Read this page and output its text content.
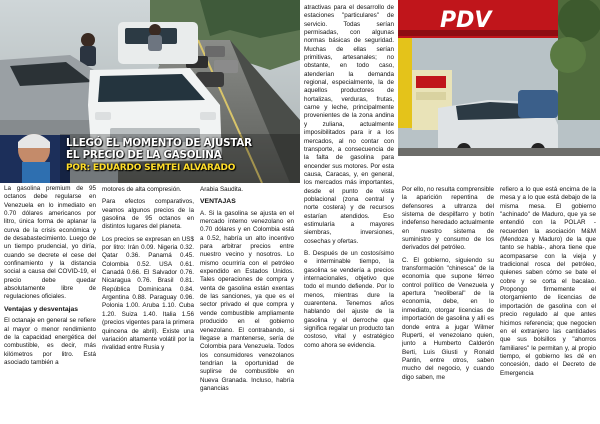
LLEGÓ EL MOMENTO DE AJUSTAR
EL PRECIO DE LA GASOLINA
POR: EDUARDO SEMTEI ALVARADO
PDV

La gasolina premium de 95 octanos debe regularse en Venezuela en lo inmediato en 0.70 dólares americanos por litro, única forma de aplanar la curva de la crisis económica y de desabastecimiento. Luego de un tiempo prudencial, yo diría, cuando se decrete el cese del confinamiento y la distancia social a causa del COVID-19, el precio debe quedar absolutamente libre de regulaciones oficiales.

Ventajas y desventajas

El octanaje en general se refiere al mayor o menor rendimiento de la capacidad energética del combustible, es decir, más kilómetros por litro. Está asociado también a

motores de alta compresión.

Para efectos comparativos, veamos algunos precios de la gasolina de 95 octanos en distintos lugares del planeta.

Los precios se expresan en US$ por litro: Irán 0.09. Nigeria 0.32. Qatar 0.36. Panamá 0.45. Colombia 0.52. USA 0.61. Canadá 0.66. El Salvador 0.76. Nicaragua 0.76. Brasil 0.81. República Dominicana 0.84. Argentina 0.88. Paraguay 0.96. Polonia 1.00. Aruba 1.10. Cuba 1.20. Suiza 1.40. Italia 1.56 (precios vigentes para la primera quincena de abril). Existe una variación altamente volátil por la rivalidad entre Rusia y

Arabia Saudita.

VENTAJAS

A. Si la gasolina se ajusta en el mercado interno venezolano en 0.70 dólares y en Colombia está a 0.52, habría un alto incentivo para arbitrar precios entre nuestro vecino y nosotros. Lo mismo ocurriría con el petróleo expendido en Estados Unidos. Tales operaciones de compra y venta de gasolina están exentas de las sanciones, ya que es el sector privado el que compra y vende combustible ampliamente producido en el gobierno venezolano. El contrabando, si llegase a mantenerse, sería de Colombia para Venezuela. Todos los consumidores venezolanos tendrían la oportunidad de suplirse de combustible en Nueva Granada. Incluso, habría ganancias

atractivas para el desarrollo de estaciones "particulares" de servicio. Todas serían permisadas, con algunas normas básicas de seguridad. Muchas de ellas serían primitivas, artesanales; no obstante, en todo caso, atenderían la demanda regional, especialmente, la de aquellos productores de hortalizas, verduras, frutas, carne y leche, principalmente provenientes de la zona andina y zuliana, actualmente imposibilitados para ir a los mercados, al no contar con transporte, a consecuencia de la falta de gasolina para encender sus motores. Por esta causa, Caracas, y, en general, los mercados más importantes, desde el punto de vista poblacional (zona central y norte costera) y de recursos estarían atendidos. Eso estimularía a mayores siembras, inversiones, cosechas y ofertas.

B. Después de un costosísimo e interminable tiempo, la gasolina se vendería a precios internacionales, objetivo que todo el mundo defiende. Por lo menos, mientras dure la cuarentena. Tenemos años hablando del ajuste de la gasolina y el derroche que significa regalar un producto tan costoso, vital y estratégico como ahora se evidencia.

Por ello, no resulta comprensible la aparición repentina de defensores a ultranza del sistema de despilfarro y botín indefenso heredado actualmente en nuestro sistema de suministro y consumo de los derivados del petróleo.

C. El gobierno, siguiendo su transformación "chinesca" de la economía que supone férreo control político de Venezuela y apertura "neoliberal" de la economía, debe, en lo inmediato, otorgar licencias de importación de gasolina y allí es donde entra a jugar Wilmer Ruperti, el venezolano quien, junto a Humberto Calderón Berti, Luis Giusti y Ronald Pantin, entre otros, saben mucho del negocio, y cuando digo saben, me

refiero a lo que está encima de la mesa y a lo que está debajo de la misma mesa. El gobierno "achinado" de Maduro, que ya se entendió con la POLAR -recuerden la asociación M&M (Mendoza y Maduro) de la que tanto se habla-, ahora tiene que acompasarse con la vieja y tradicional rosca del petróleo, quienes saben cómo se bate el cobre y se corta el bacalao. Propongo firmemente el otorgamiento de licencias de importación de gasolina con el precio regulado al que antes hicimos referencia; que negocien en el extranjero las cantidades que sus bolsillos y "ahorros familiares" le permitan y, al propio tiempo, el gobierno les dé en concesión, dado el Decreto de Emergencia
